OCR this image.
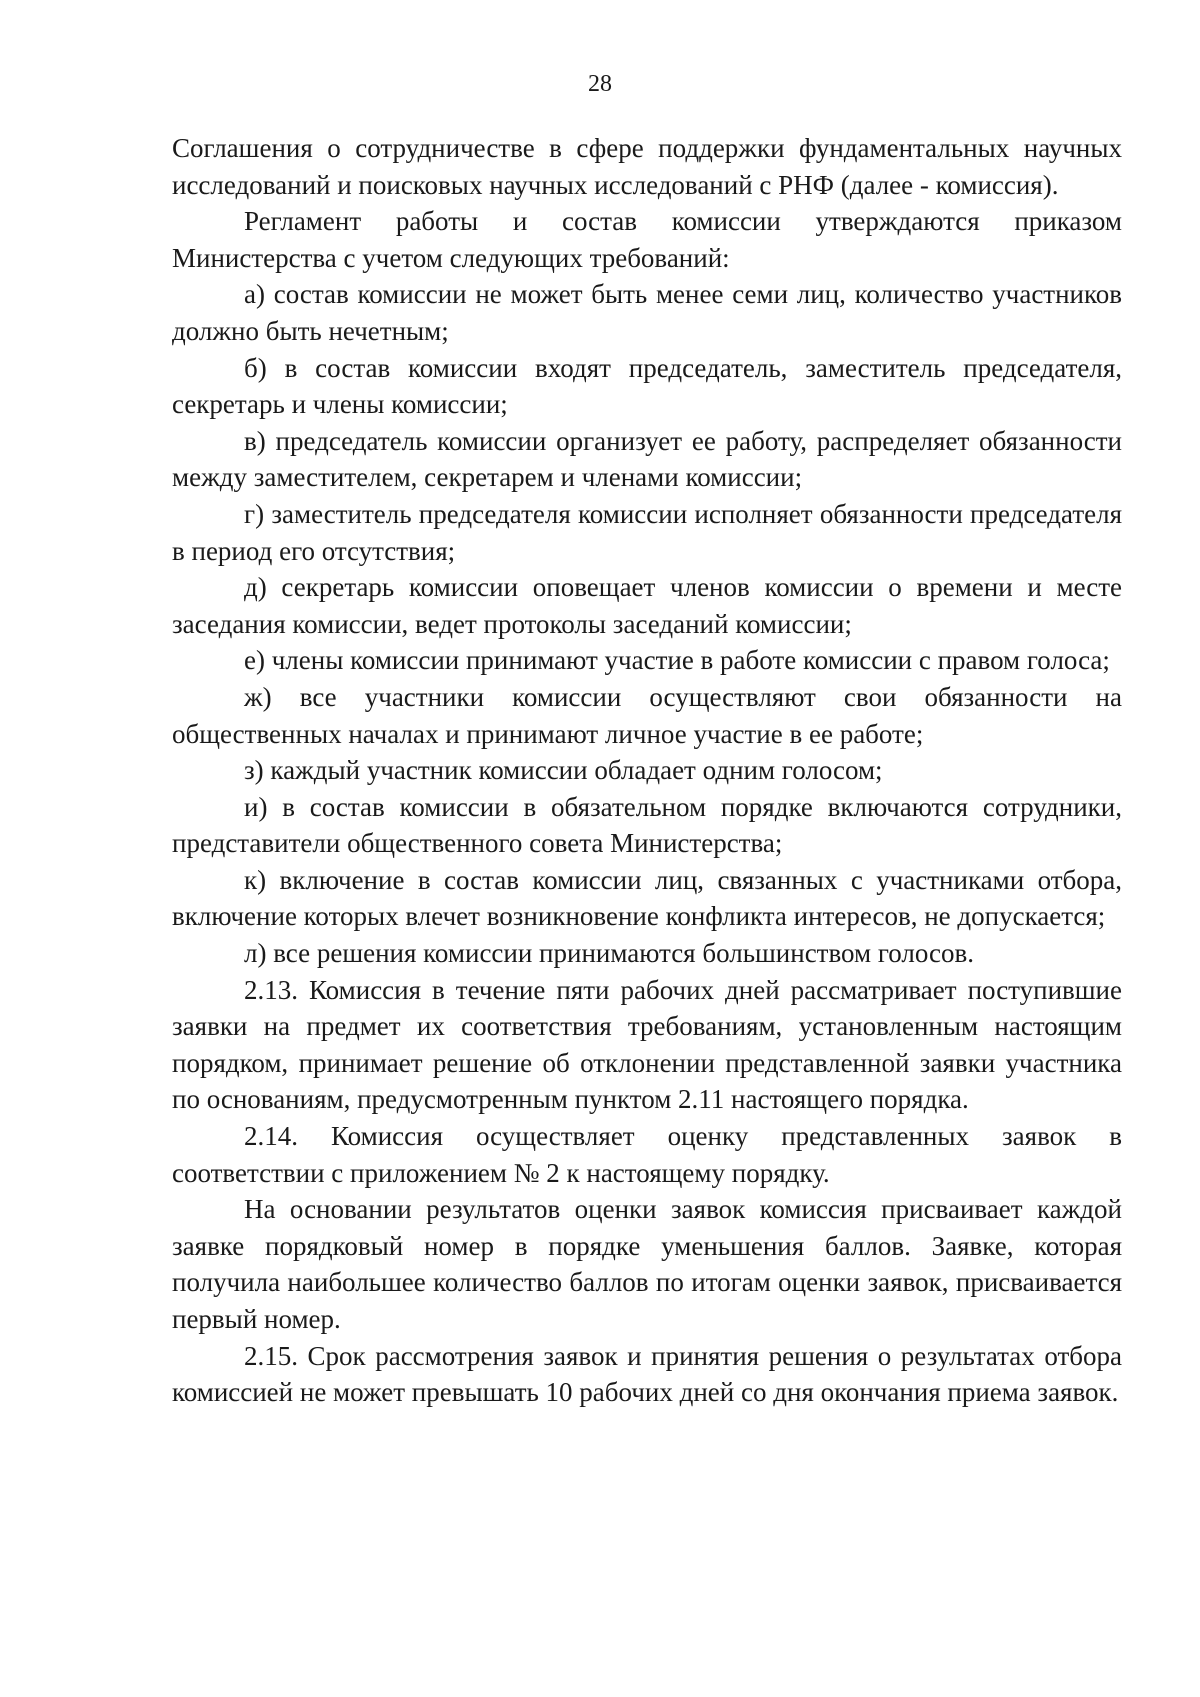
28

Соглашения о сотрудничестве в сфере поддержки фундаментальных научных исследований и поисковых научных исследований с РНФ (далее - комиссия).

Регламент работы и состав комиссии утверждаются приказом Министерства с учетом следующих требований:

а) состав комиссии не может быть менее семи лиц, количество участников должно быть нечетным;

б) в состав комиссии входят председатель, заместитель председателя, секретарь и члены комиссии;

в) председатель комиссии организует ее работу, распределяет обязанности между заместителем, секретарем и членами комиссии;

г) заместитель председателя комиссии исполняет обязанности председателя в период его отсутствия;

д) секретарь комиссии оповещает членов комиссии о времени и месте заседания комиссии, ведет протоколы заседаний комиссии;

е) члены комиссии принимают участие в работе комиссии с правом голоса;

ж) все участники комиссии осуществляют свои обязанности на общественных началах и принимают личное участие в ее работе;

з) каждый участник комиссии обладает одним голосом;

и) в состав комиссии в обязательном порядке включаются сотрудники, представители общественного совета Министерства;

к) включение в состав комиссии лиц, связанных с участниками отбора, включение которых влечет возникновение конфликта интересов, не допускается;

л) все решения комиссии принимаются большинством голосов.

2.13. Комиссия в течение пяти рабочих дней рассматривает поступившие заявки на предмет их соответствия требованиям, установленным настоящим порядком, принимает решение об отклонении представленной заявки участника по основаниям, предусмотренным пунктом 2.11 настоящего порядка.

2.14. Комиссия осуществляет оценку представленных заявок в соответствии с приложением № 2 к настоящему порядку.

На основании результатов оценки заявок комиссия присваивает каждой заявке порядковый номер в порядке уменьшения баллов. Заявке, которая получила наибольшее количество баллов по итогам оценки заявок, присваивается первый номер.

2.15. Срок рассмотрения заявок и принятия решения о результатах отбора комиссией не может превышать 10 рабочих дней со дня окончания приема заявок.
